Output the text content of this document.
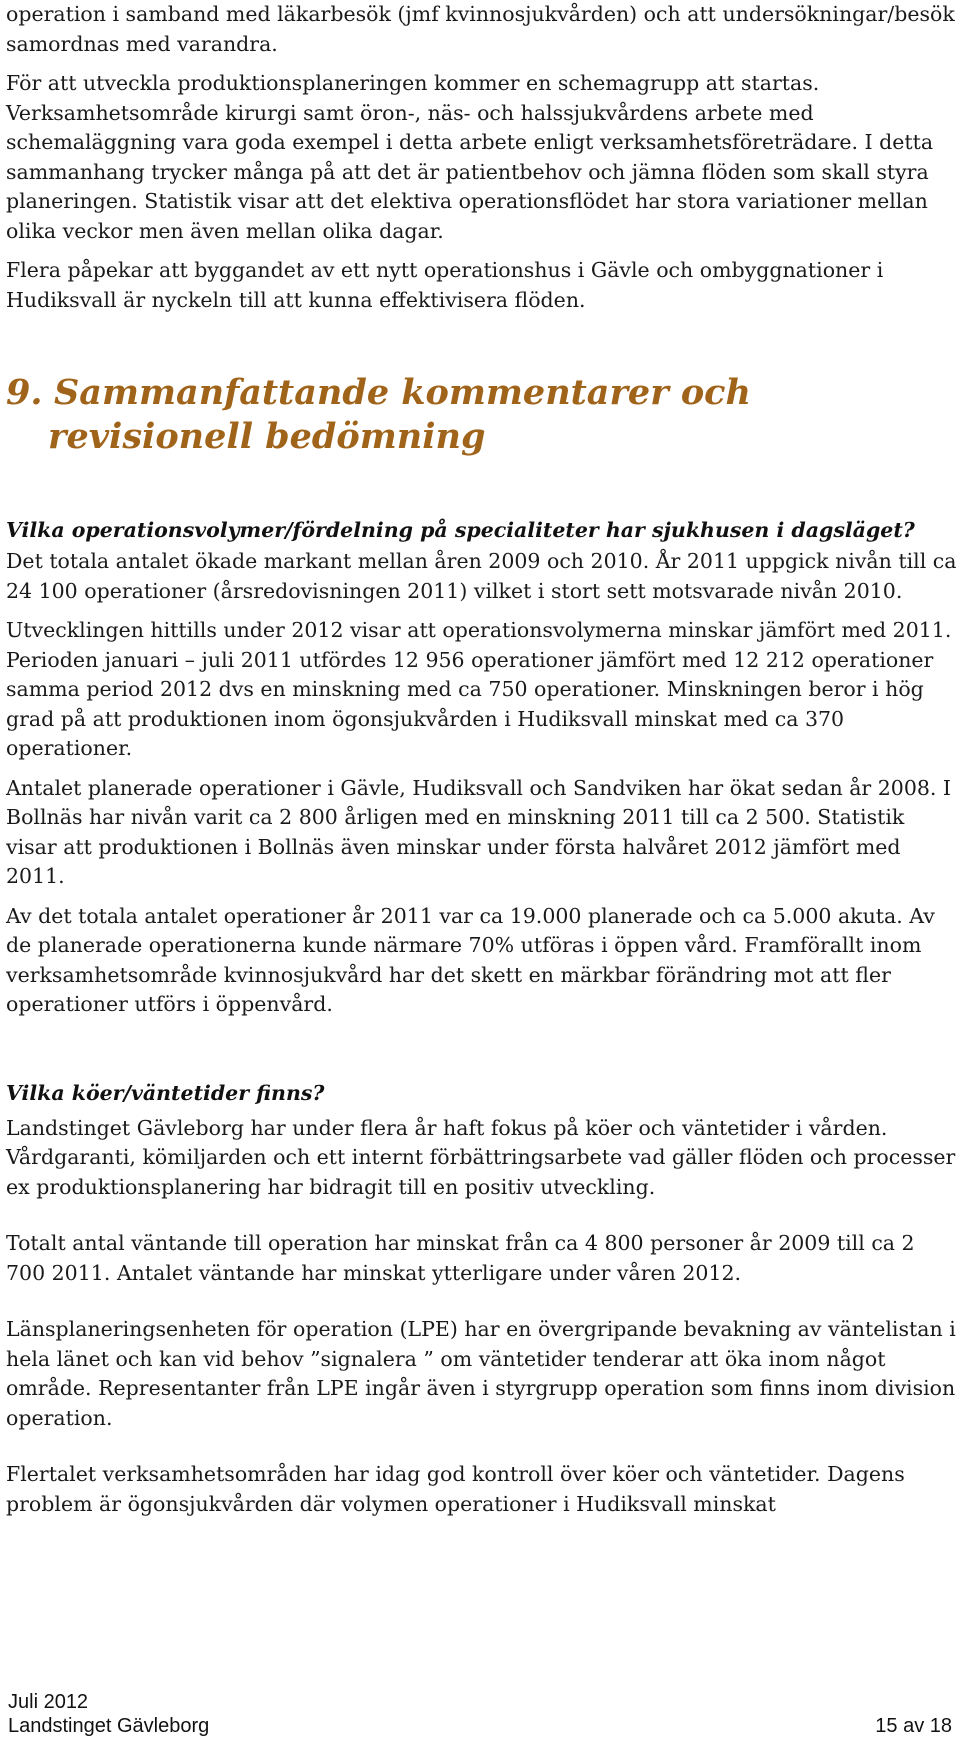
operation i samband med läkarbesök (jmf kvinnosjukvården) och att undersökningar/besök samordnas med varandra.

För att utveckla produktionsplaneringen kommer en schemagrupp att startas. Verksamhetsområde kirurgi samt öron-, näs- och halssjukvårdens arbete med schemaläggning vara goda exempel i detta arbete enligt verksamhetsföreträdare. I detta sammanhang trycker många på att det är patientbehov och jämna flöden som skall styra planeringen. Statistik visar att det elektiva operationsflödet har stora variationer mellan olika veckor men även mellan olika dagar.

Flera påpekar att byggandet av ett nytt operationshus i Gävle och ombyggnationer i Hudiksvall är nyckeln till att kunna effektivisera flöden.

9. Sammanfattande kommentarer och
revisionell bedömning

Vilka operationsvolymer/fördelning på specialiteter har sjukhusen i dagsläget?

Det totala antalet ökade markant mellan åren 2009 och 2010. År 2011 uppgick nivån till ca 24 100 operationer (årsredovisningen 2011) vilket i stort sett motsvarade nivån 2010.

Utvecklingen hittills under 2012 visar att operationsvolymerna minskar jämfört med 2011. Perioden januari – juli 2011 utfördes 12 956 operationer jämfört med 12 212 operationer samma period 2012 dvs en minskning med ca 750 operationer. Minskningen beror i hög grad på att produktionen inom ögonsjukvården i Hudiksvall minskat med ca 370 operationer.

Antalet planerade operationer i Gävle, Hudiksvall och Sandviken har ökat sedan år 2008. I Bollnäs har nivån varit ca 2 800 årligen med en minskning 2011 till ca 2 500. Statistik visar att produktionen i Bollnäs även minskar under första halvåret 2012 jämfört med 2011.

Av det totala antalet operationer år 2011 var ca 19.000 planerade och ca 5.000 akuta. Av de planerade operationerna kunde närmare 70% utföras i öppen vård. Framförallt inom verksamhetsområde kvinnosjukvård har det skett en märkbar förändring mot att fler operationer utförs i öppenvård.

Vilka köer/väntetider finns?

Landstinget Gävleborg har under flera år haft fokus på köer och väntetider i vården. Vårdgaranti, kömiljarden och ett internt förbättringsarbete vad gäller flöden och processer ex produktionsplanering har bidragit till en positiv utveckling.

Totalt antal väntande till operation har minskat från ca 4 800 personer år 2009 till ca 2 700 2011. Antalet väntande har minskat ytterligare under våren 2012.

Länsplaneringsenheten för operation (LPE) har en övergripande bevakning av väntelistan i hela länet och kan vid behov ”signalera ” om väntetider tenderar att öka inom något område. Representanter från LPE ingår även i styrgrupp operation som finns inom division operation.

Flertalet verksamhetsområden har idag god kontroll över köer och väntetider. Dagens problem är ögonsjukvården där volymen operationer i Hudiksvall minskat

Juli 2012
Landstinget Gävleborg	15 av 18
